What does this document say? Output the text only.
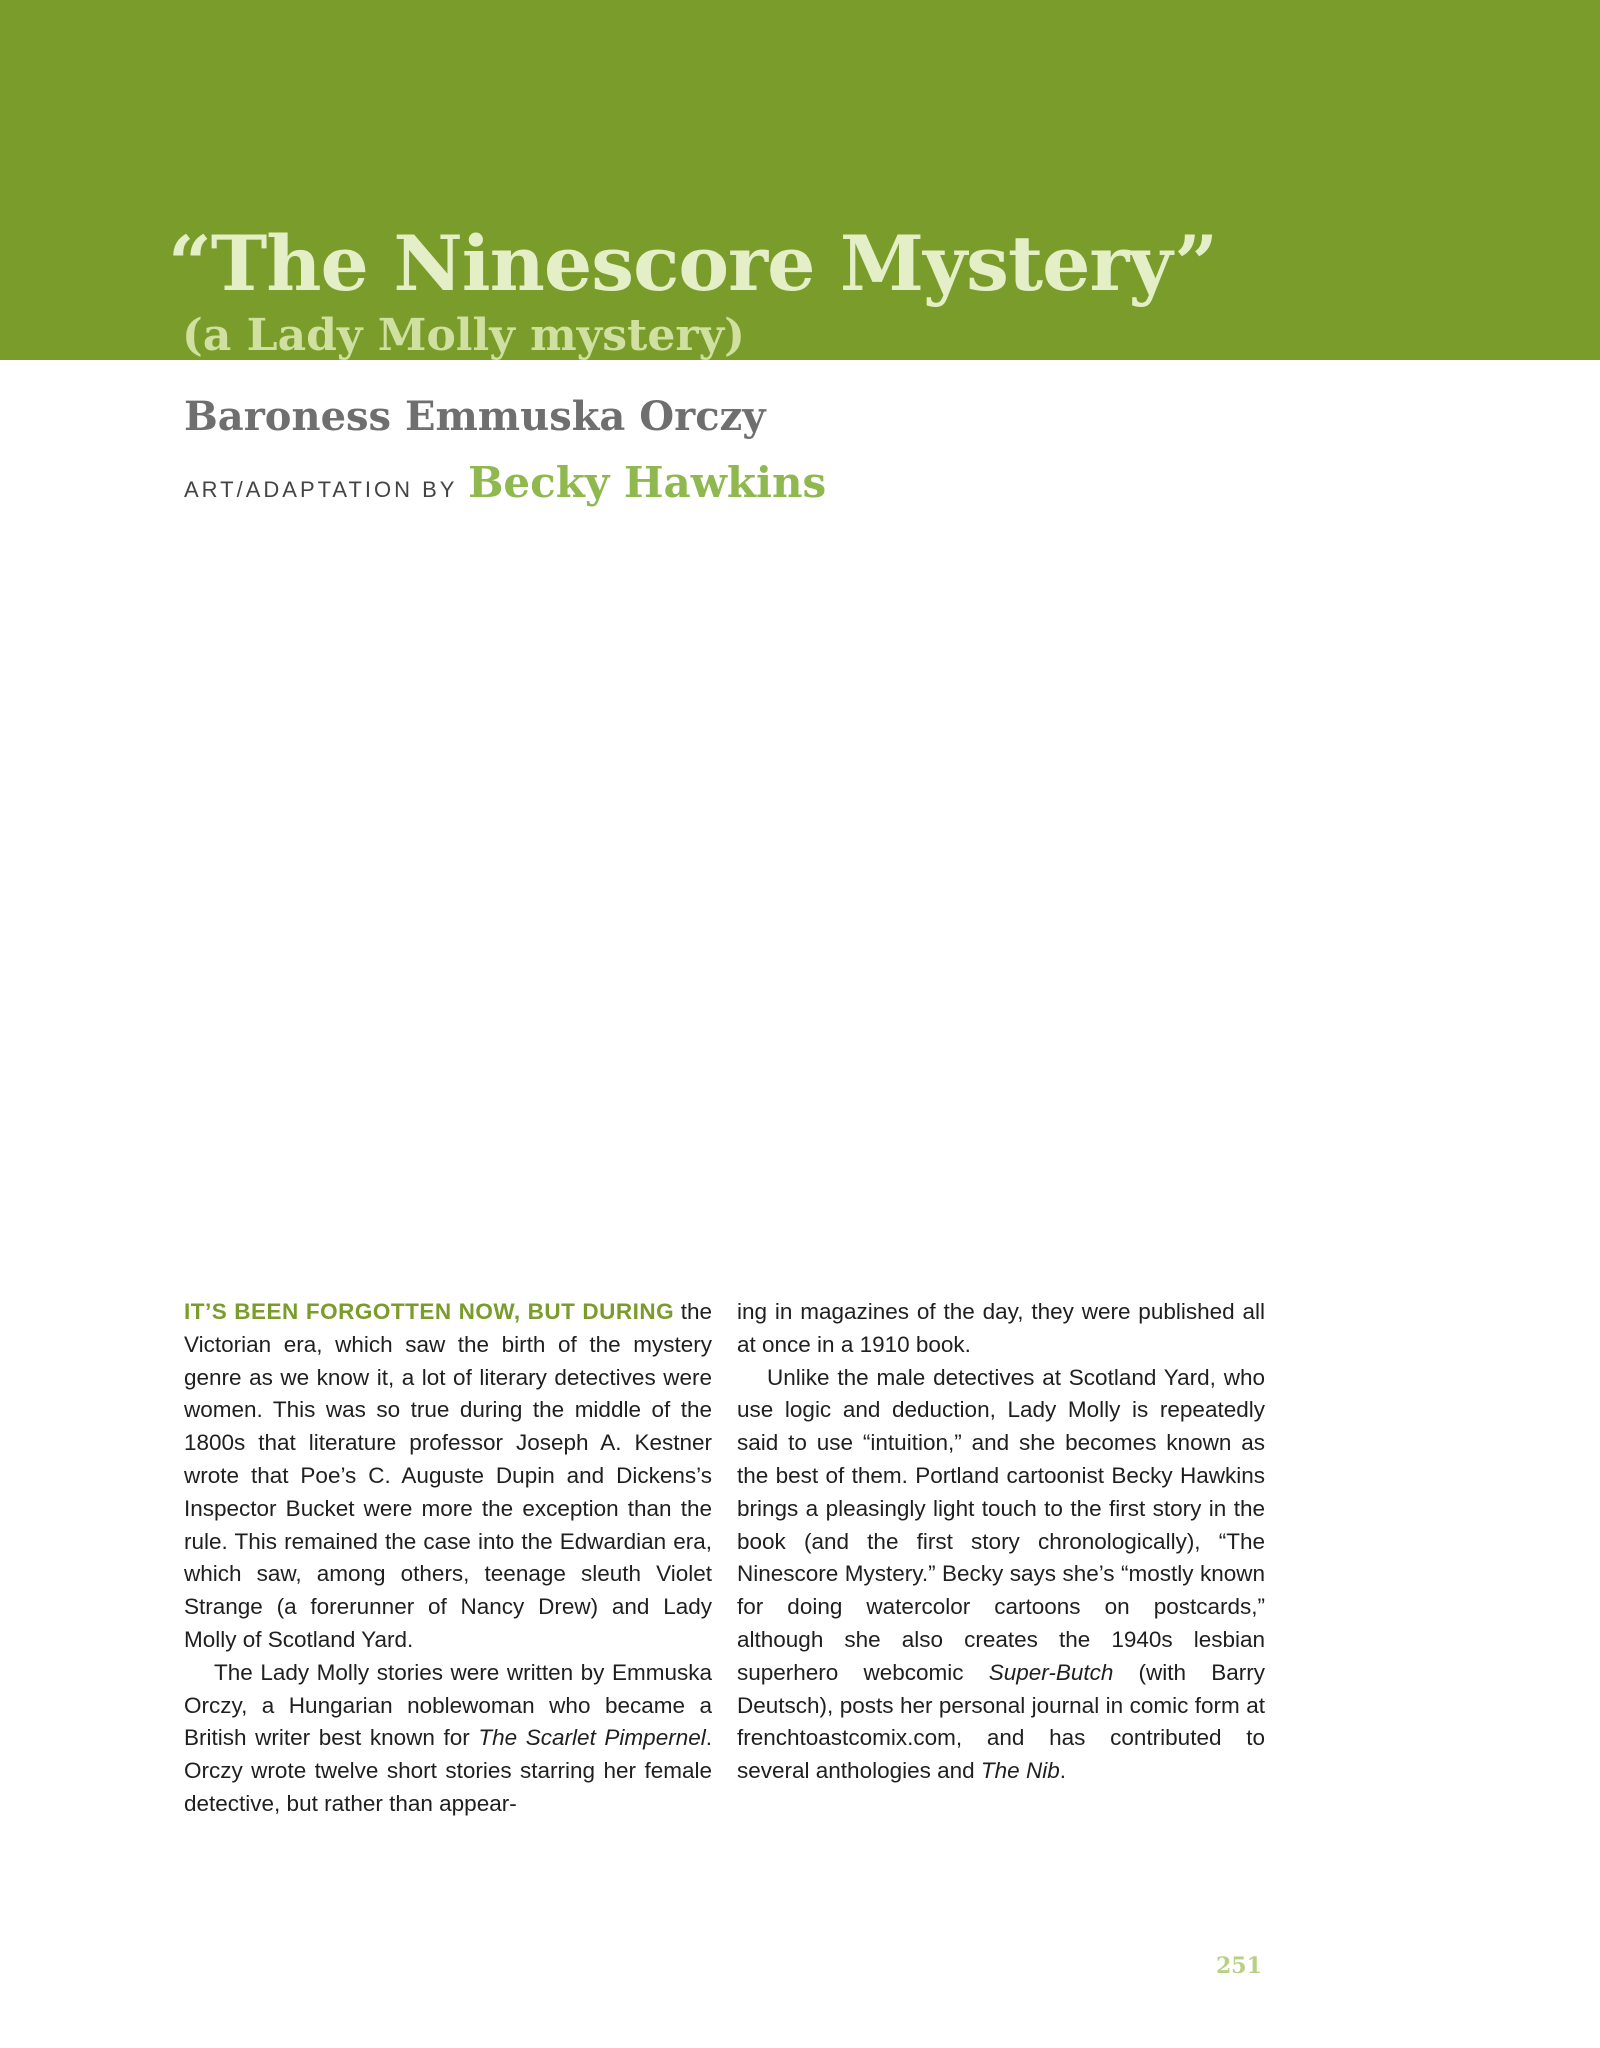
“The Ninescore Mystery”
(a Lady Molly mystery)
Baroness Emmuska Orczy
ART/ADAPTATION BY Becky Hawkins

IT’S BEEN FORGOTTEN NOW, BUT DURING the Victorian era, which saw the birth of the mystery genre as we know it, a lot of literary detectives were women. This was so true during the middle of the 1800s that literature professor Joseph A. Kestner wrote that Poe’s C. Auguste Dupin and Dickens’s Inspector Bucket were more the exception than the rule. This remained the case into the Edwardian era, which saw, among others, teenage sleuth Violet Strange (a forerunner of Nancy Drew) and Lady Molly of Scotland Yard.

The Lady Molly stories were written by Emmuska Orczy, a Hungarian noblewoman who became a British writer best known for The Scarlet Pimpernel. Orczy wrote twelve short stories starring her female detective, but rather than appear-

ing in magazines of the day, they were published all at once in a 1910 book.

Unlike the male detectives at Scotland Yard, who use logic and deduction, Lady Molly is repeatedly said to use “intuition,” and she becomes known as the best of them. Portland cartoonist Becky Hawkins brings a pleasingly light touch to the first story in the book (and the first story chronologically), “The Ninescore Mystery.” Becky says she’s “mostly known for doing watercolor cartoons on postcards,” although she also creates the 1940s lesbian superhero webcomic Super-Butch (with Barry Deutsch), posts her personal journal in comic form at frenchtoastcomix.com, and has contributed to several anthologies and The Nib.

251
